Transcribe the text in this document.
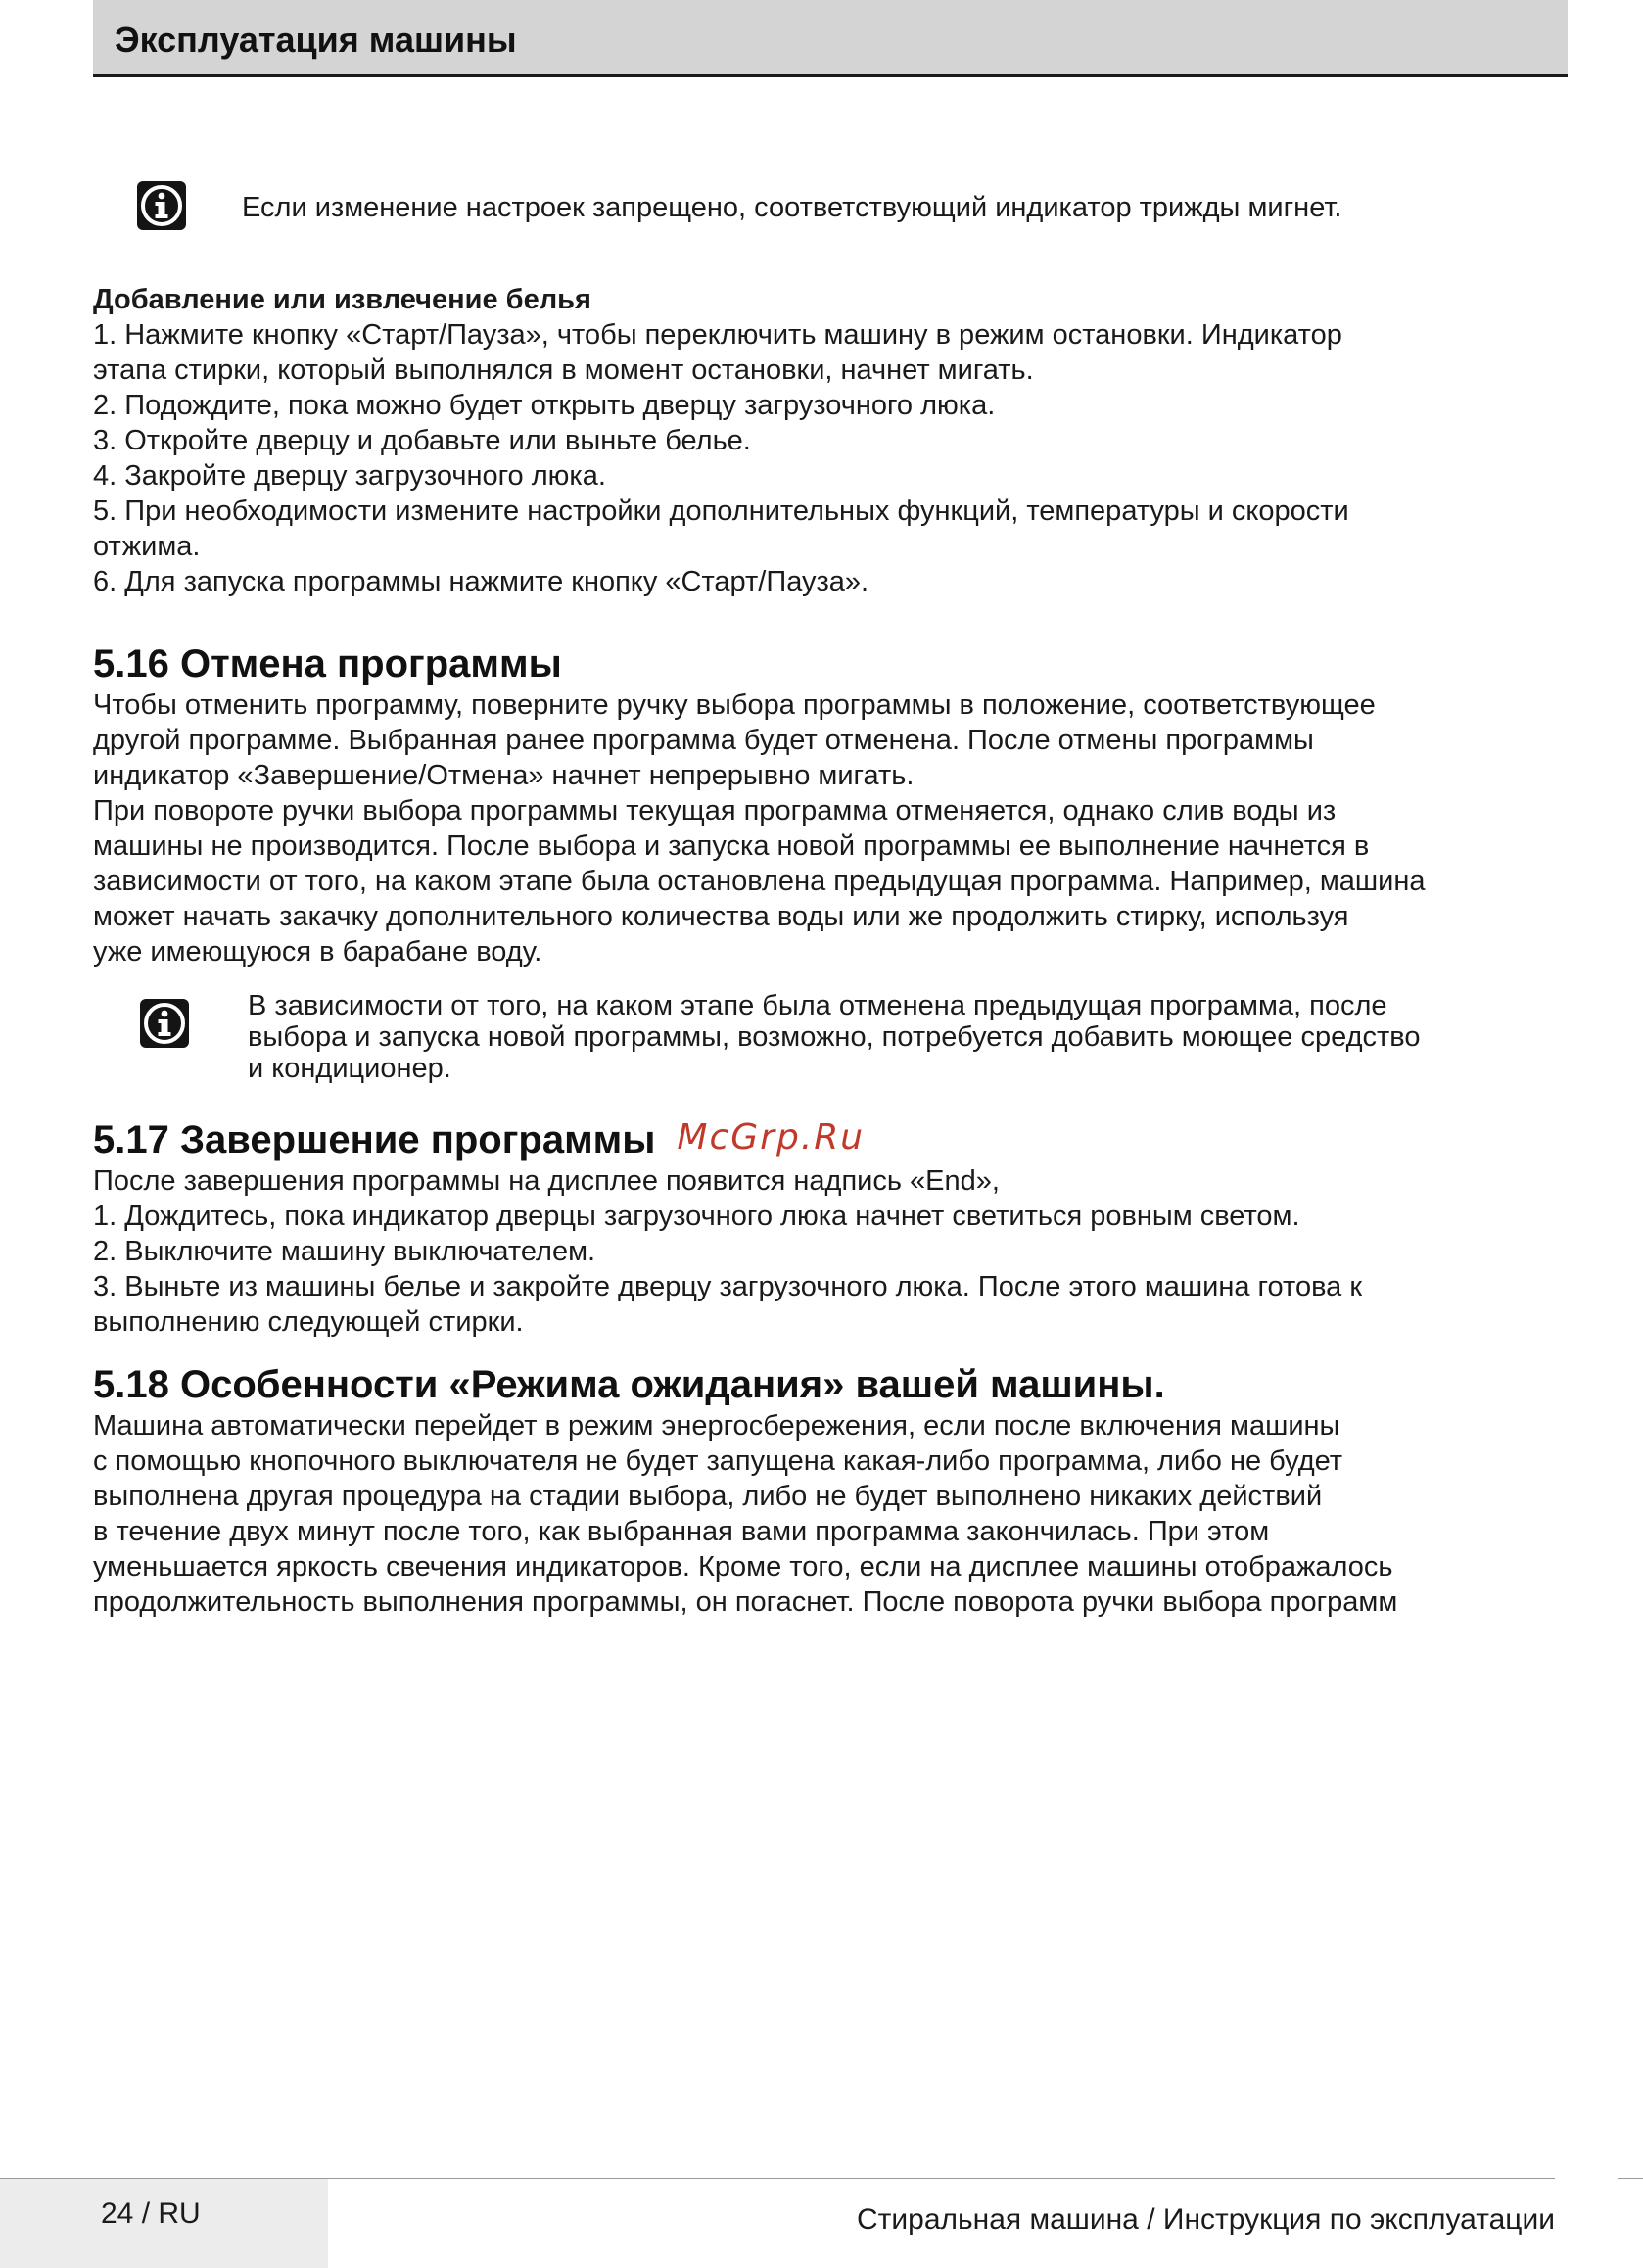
Эксплуатация машины
Если изменение настроек запрещено, соответствующий индикатор трижды мигнет.
Добавление или извлечение белья
1. Нажмите кнопку «Старт/Пауза», чтобы переключить машину в режим остановки. Индикатор
этапа стирки, который выполнялся в момент остановки, начнет мигать.
2. Подождите, пока можно будет открыть дверцу загрузочного люка.
3. Откройте дверцу и добавьте или выньте белье.
4. Закройте дверцу загрузочного люка.
5. При необходимости измените настройки дополнительных функций, температуры и скорости
отжима.
6. Для запуска программы нажмите кнопку «Старт/Пауза».
5.16 Отмена программы
Чтобы отменить программу, поверните ручку выбора программы в положение, соответствующее
другой программе. Выбранная ранее программа будет отменена. После отмены программы
индикатор «Завершение/Отмена» начнет непрерывно мигать.
При повороте ручки выбора программы текущая программа отменяется, однако слив воды из
машины не производится. После выбора и запуска новой программы ее выполнение начнется в
зависимости от того, на каком этапе была остановлена предыдущая программа. Например, машина
может начать закачку дополнительного количества воды или же продолжить стирку, используя
уже имеющуюся в барабане воду.
В зависимости от того, на каком этапе была отменена предыдущая программа, после
выбора и запуска новой программы, возможно, потребуется добавить моющее средство
и кондиционер.
5.17 Завершение программы McGrp.Ru
После завершения программы на дисплее появится надпись «End»,
1. Дождитесь, пока индикатор дверцы загрузочного люка начнет светиться ровным светом.
2. Выключите машину выключателем.
3. Выньте из машины белье и закройте дверцу загрузочного люка. После этого машина готова к
выполнению следующей стирки.
5.18 Особенности «Режима ожидания» вашей машины.
Машина автоматически перейдет в режим энергосбережения, если после включения машины
с помощью кнопочного выключателя не будет запущена какая-либо программа, либо не будет
выполнена другая процедура на стадии выбора, либо не будет выполнено никаких действий
в течение двух минут после того, как выбранная вами программа закончилась. При этом
уменьшается яркость свечения индикаторов. Кроме того, если на дисплее машины отображалось
продолжительность выполнения программы, он погаснет. После поворота ручки выбора программ
24 / RU	Стиральная машина / Инструкция по эксплуатации
